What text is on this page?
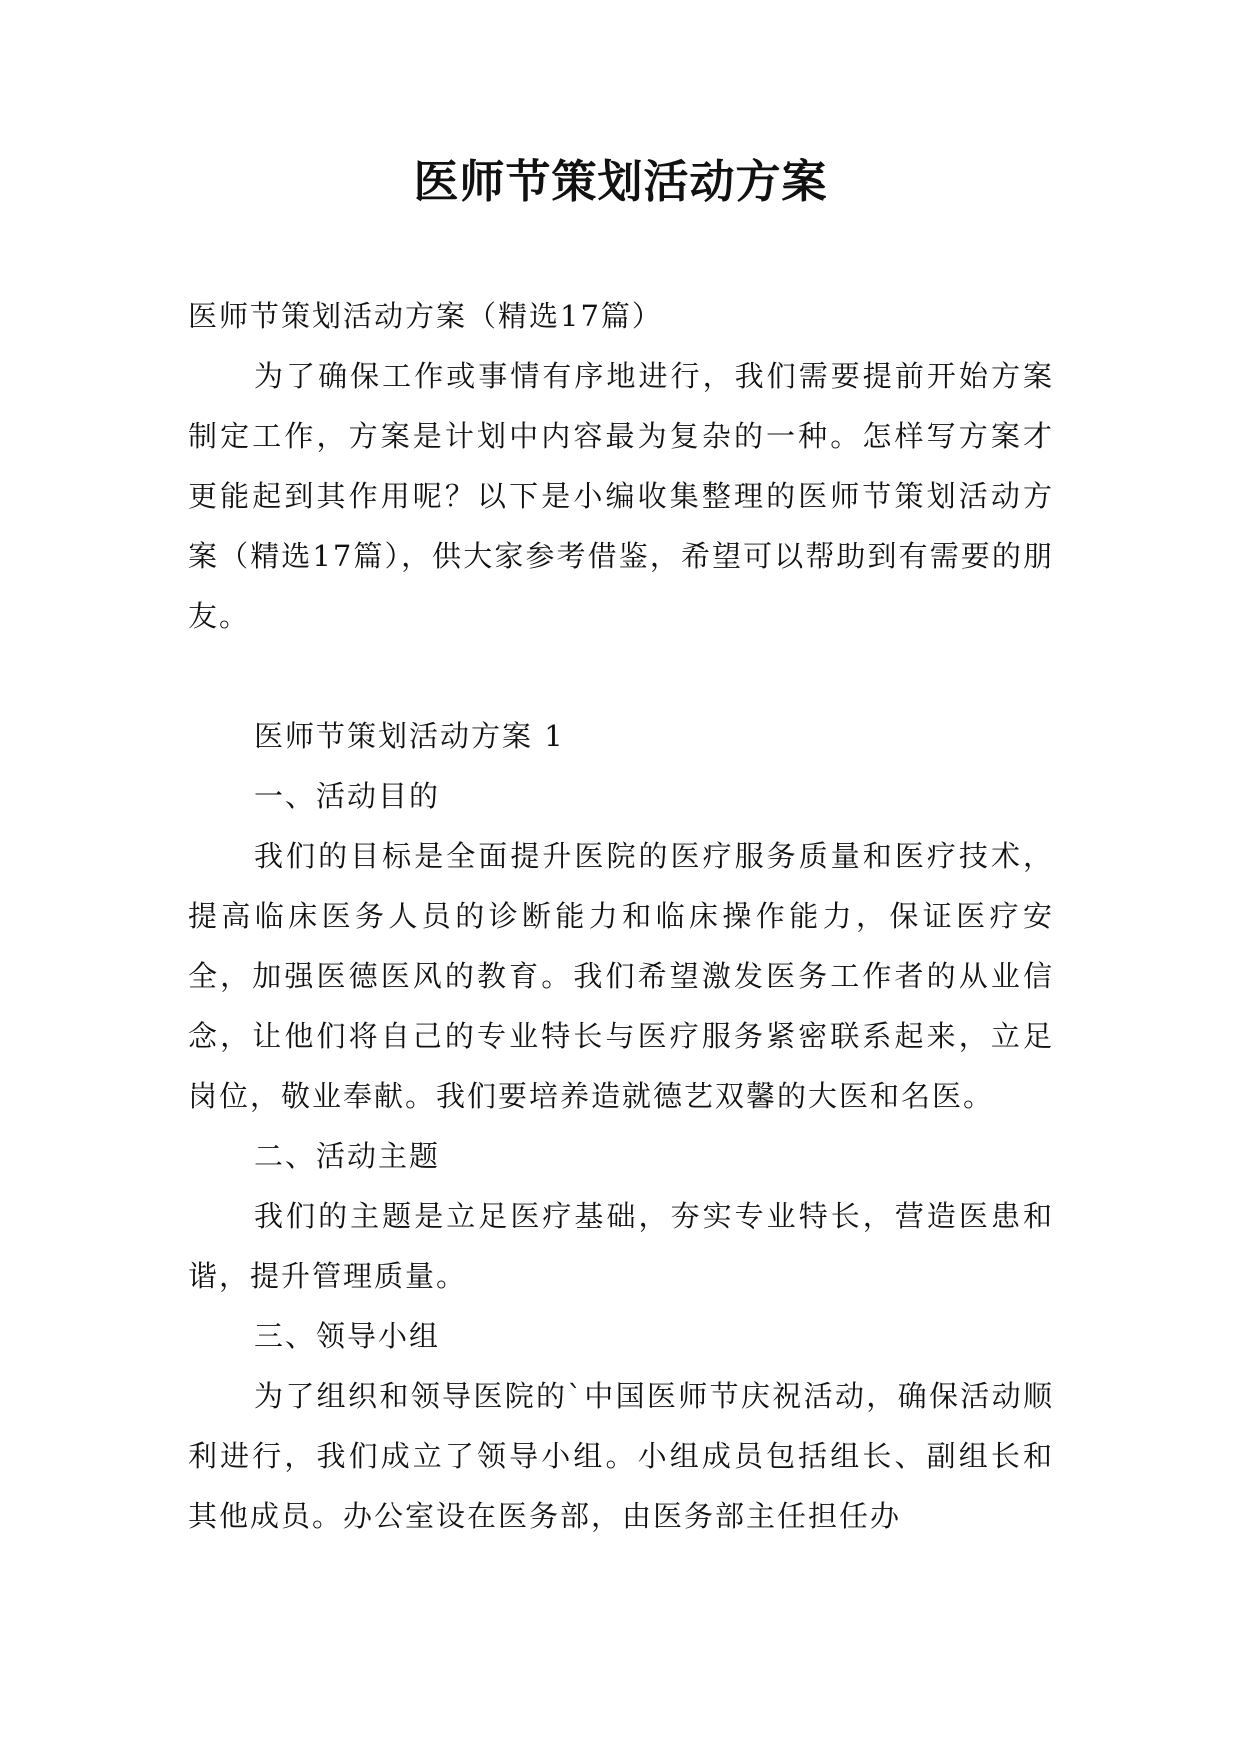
医师节策划活动方案

医师节策划活动方案（精选17篇）

为了确保工作或事情有序地进行，我们需要提前开始方案制定工作，方案是计划中内容最为复杂的一种。怎样写方案才更能起到其作用呢？以下是小编收集整理的医师节策划活动方案（精选17篇），供大家参考借鉴，希望可以帮助到有需要的朋友。

医师节策划活动方案 1

一、活动目的

我们的目标是全面提升医院的医疗服务质量和医疗技术，提高临床医务人员的诊断能力和临床操作能力，保证医疗安全，加强医德医风的教育。我们希望激发医务工作者的从业信念，让他们将自己的专业特长与医疗服务紧密联系起来，立足岗位，敬业奉献。我们要培养造就德艺双馨的大医和名医。

二、活动主题

我们的主题是立足医疗基础，夯实专业特长，营造医患和谐，提升管理质量。

三、领导小组

为了组织和领导医院的`中国医师节庆祝活动，确保活动顺利进行，我们成立了领导小组。小组成员包括组长、副组长和其他成员。办公室设在医务部，由医务部主任担任办
